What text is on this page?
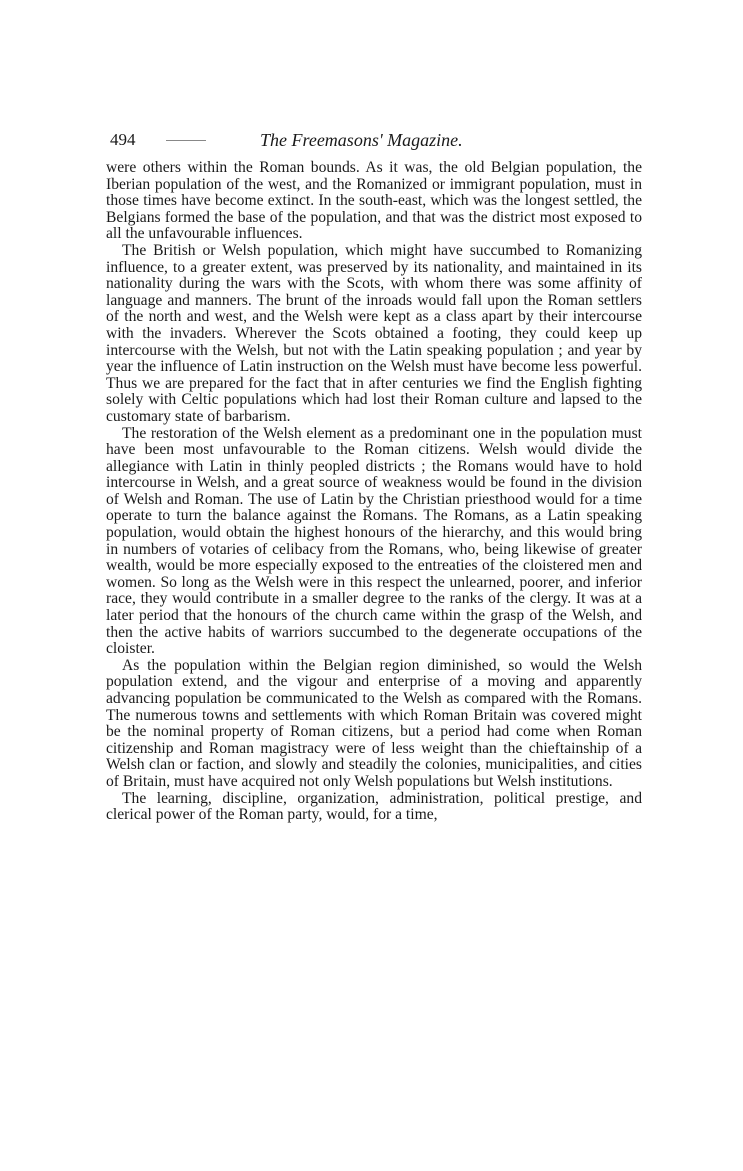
494	The Freemasons' Magazine.

were others within the Roman bounds. As it was, the old Belgian population, the Iberian population of the west, and the Romanized or immigrant population, must in those times have become extinct. In the south-east, which was the longest settled, the Belgians formed the base of the population, and that was the district most exposed to all the unfavourable influences.

The British or Welsh population, which might have succumbed to Romanizing influence, to a greater extent, was preserved by its nationality, and maintained in its nationality during the wars with the Scots, with whom there was some affinity of language and manners. The brunt of the inroads would fall upon the Roman settlers of the north and west, and the Welsh were kept as a class apart by their intercourse with the invaders. Wherever the Scots obtained a footing, they could keep up intercourse with the Welsh, but not with the Latin speaking population ; and year by year the influence of Latin instruction on the Welsh must have become less powerful. Thus we are prepared for the fact that in after centuries we find the English fighting solely with Celtic populations which had lost their Roman culture and lapsed to the customary state of barbarism.

The restoration of the Welsh element as a predominant one in the population must have been most unfavourable to the Roman citizens. Welsh would divide the allegiance with Latin in thinly peopled districts ; the Romans would have to hold intercourse in Welsh, and a great source of weakness would be found in the division of Welsh and Roman. The use of Latin by the Christian priesthood would for a time operate to turn the balance against the Romans. The Romans, as a Latin speaking population, would obtain the highest honours of the hierarchy, and this would bring in numbers of votaries of celibacy from the Romans, who, being likewise of greater wealth, would be more especially exposed to the entreaties of the cloistered men and women. So long as the Welsh were in this respect the unlearned, poorer, and inferior race, they would contribute in a smaller degree to the ranks of the clergy. It was at a later period that the honours of the church came within the grasp of the Welsh, and then the active habits of warriors succumbed to the degenerate occupations of the cloister.

As the population within the Belgian region diminished, so would the Welsh population extend, and the vigour and enterprise of a moving and apparently advancing population be communicated to the Welsh as compared with the Romans. The numerous towns and settlements with which Roman Britain was covered might be the nominal property of Roman citizens, but a period had come when Roman citizenship and Roman magistracy were of less weight than the chieftainship of a Welsh clan or faction, and slowly and steadily the colonies, municipalities, and cities of Britain, must have acquired not only Welsh populations but Welsh institutions.

The learning, discipline, organization, administration, political prestige, and clerical power of the Roman party, would, for a time,
